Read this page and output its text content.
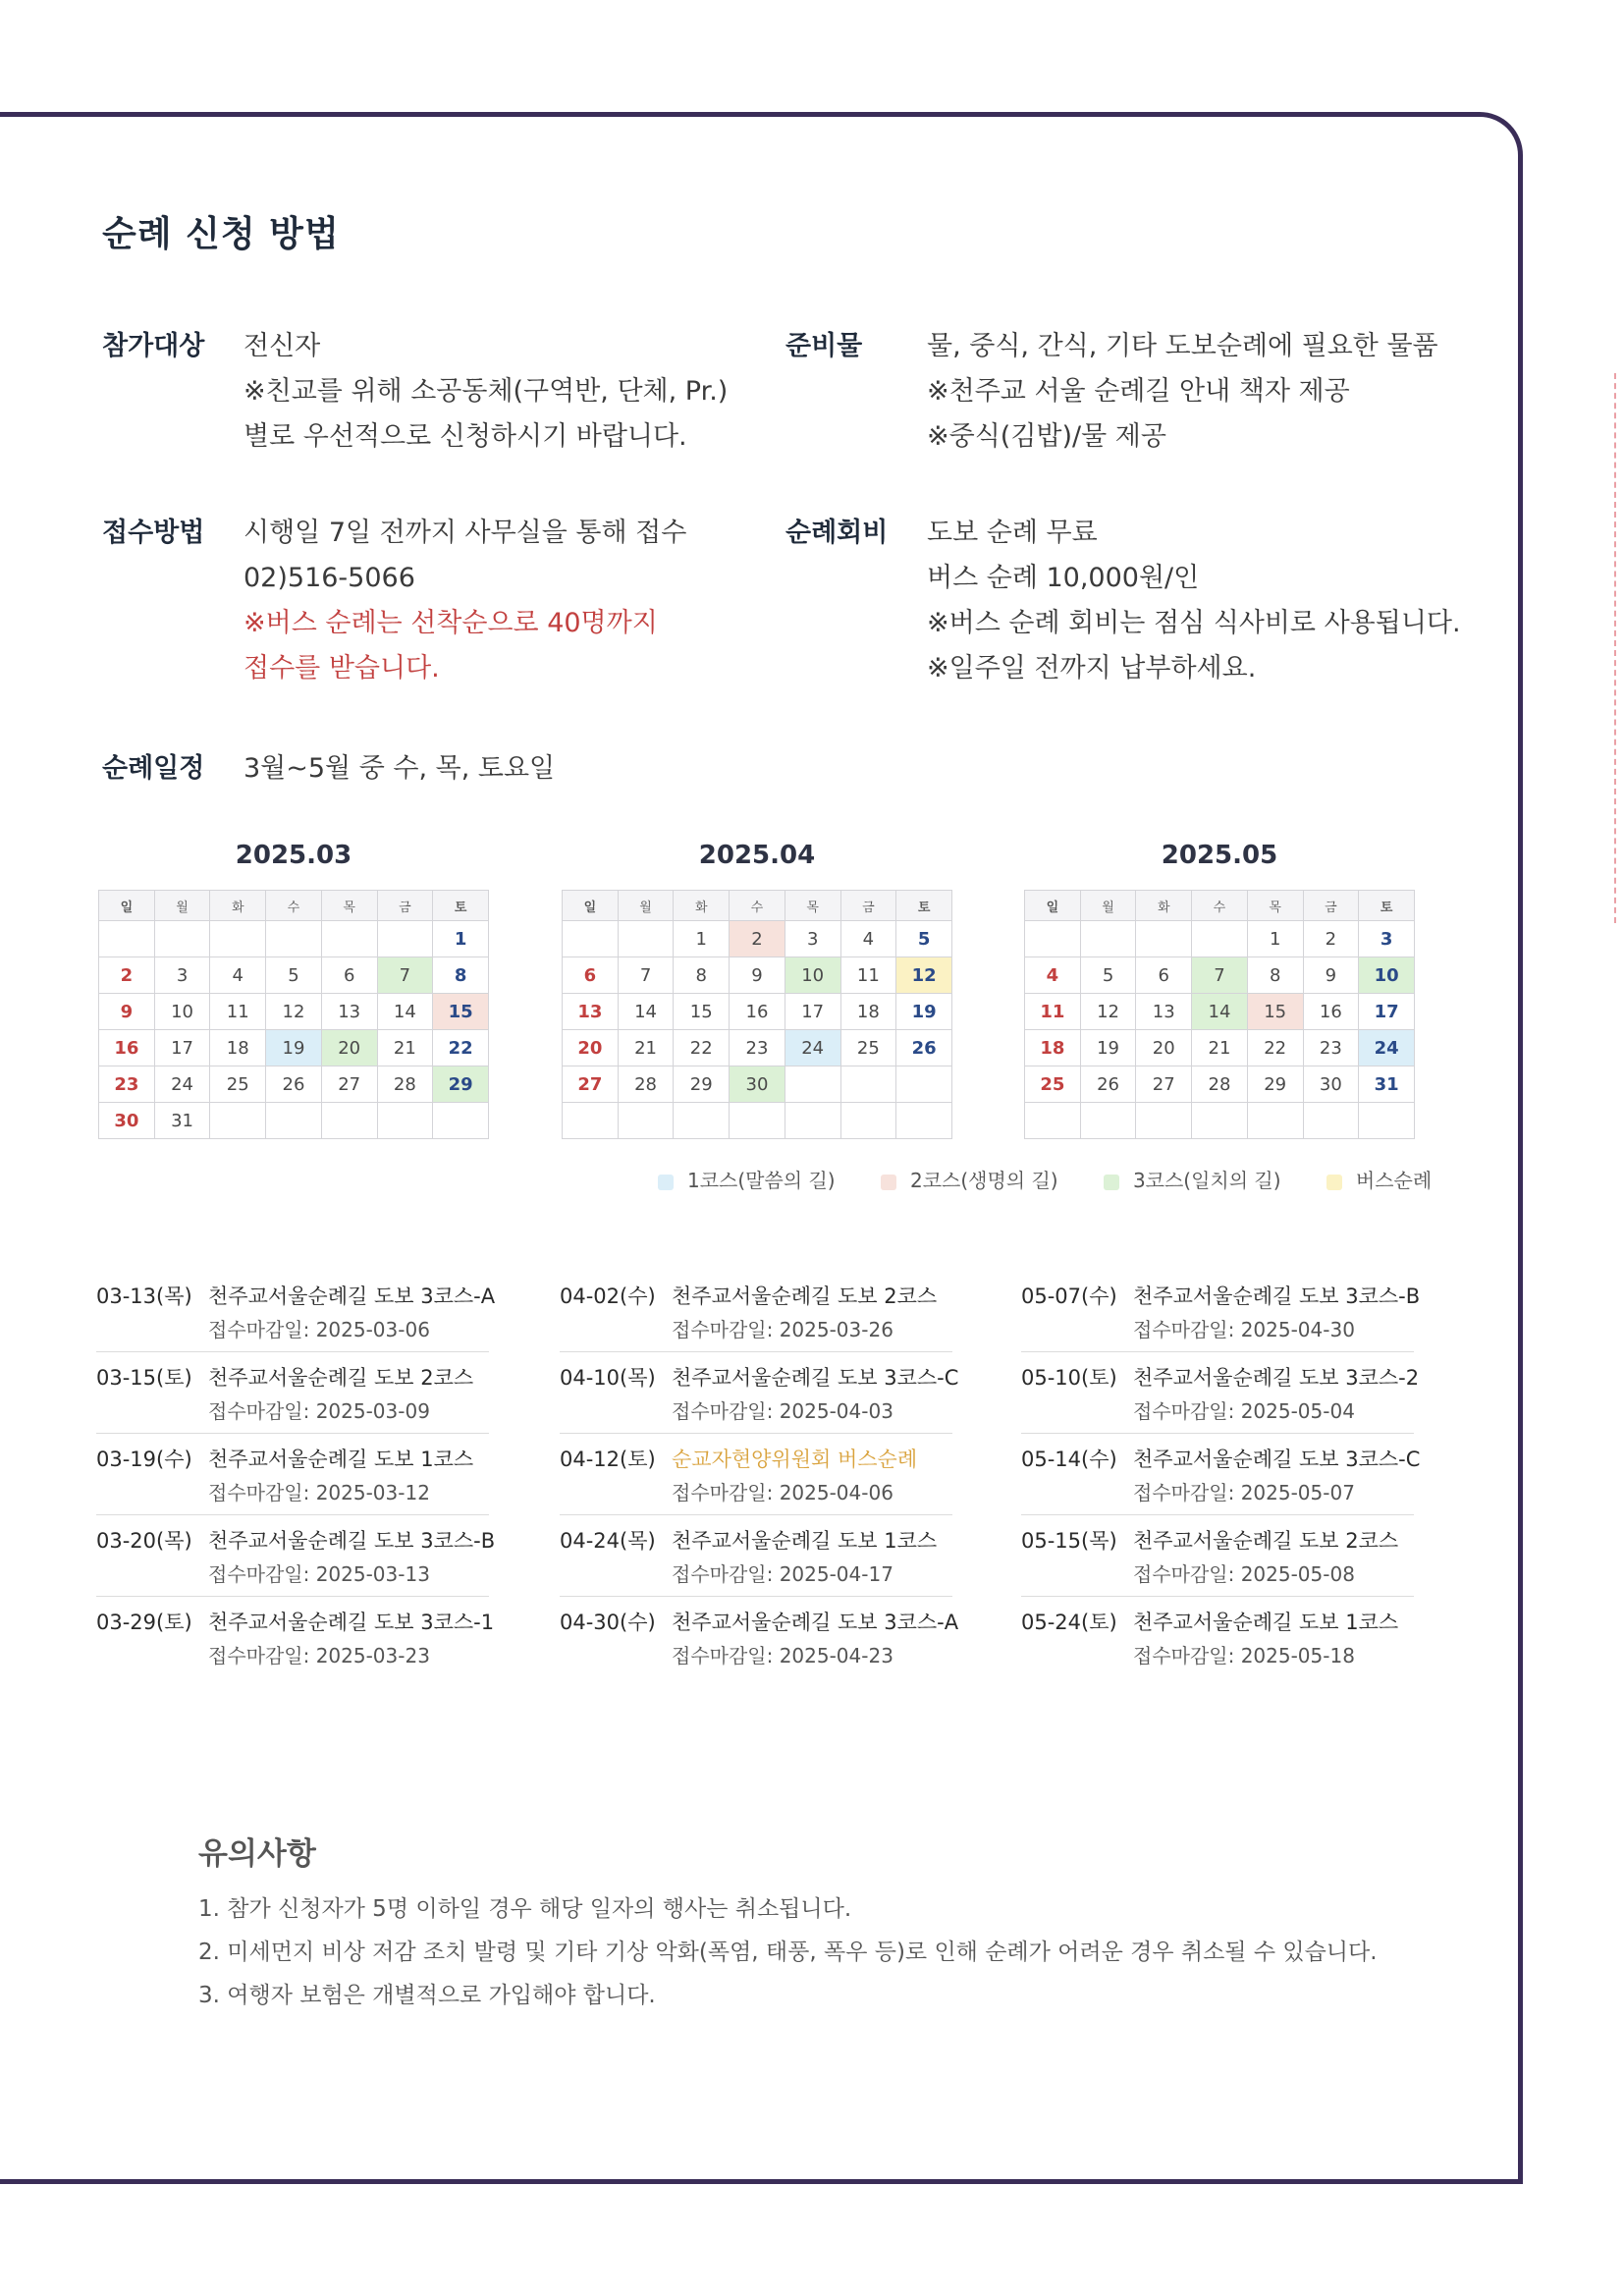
순례 신청 방법
참가대상 전신자
※친교를 위해 소공동체(구역반, 단체, Pr.)
별로 우선적으로 신청하시기 바랍니다.
준비물 물, 중식, 간식, 기타 도보순례에 필요한 물품
※천주교 서울 순례길 안내 책자 제공
※중식(김밥)/물 제공
접수방법 시행일 7일 전까지 사무실을 통해 접수
02)516-5066
※버스 순례는 선착순으로 40명까지
접수를 받습니다.
순례회비 도보 순례 무료
버스 순례 10,000원/인
※버스 순례 회비는 점심 식사비로 사용됩니다.
※일주일 전까지 납부하세요.
순례일정 3월~5월 중 수, 목, 토요일
2025.03
일	월	화	수	목	금	토
						1
2	3	4	5	6	7	8
9	10	11	12	13	14	15
16	17	18	19	20	21	22
23	24	25	26	27	28	29
30	31					
2025.04
일	월	화	수	목	금	토
		1	2	3	4	5
6	7	8	9	10	11	12
13	14	15	16	17	18	19
20	21	22	23	24	25	26
27	28	29	30			

2025.05
일	월	화	수	목	금	토
				1	2	3
4	5	6	7	8	9	10
11	12	13	14	15	16	17
18	19	20	21	22	23	24
25	26	27	28	29	30	31

1코스(말씀의 길)	2코스(생명의 길)	3코스(일치의 길)	버스순례
03-13(목) 천주교서울순례길 도보 3코스-A
접수마감일: 2025-03-06
03-15(토) 천주교서울순례길 도보 2코스
접수마감일: 2025-03-09
03-19(수) 천주교서울순례길 도보 1코스
접수마감일: 2025-03-12
03-20(목) 천주교서울순례길 도보 3코스-B
접수마감일: 2025-03-13
03-29(토) 천주교서울순례길 도보 3코스-1
접수마감일: 2025-03-23
04-02(수) 천주교서울순례길 도보 2코스
접수마감일: 2025-03-26
04-10(목) 천주교서울순례길 도보 3코스-C
접수마감일: 2025-04-03
04-12(토) 순교자현양위원회 버스순례
접수마감일: 2025-04-06
04-24(목) 천주교서울순례길 도보 1코스
접수마감일: 2025-04-17
04-30(수) 천주교서울순례길 도보 3코스-A
접수마감일: 2025-04-23
05-07(수) 천주교서울순례길 도보 3코스-B
접수마감일: 2025-04-30
05-10(토) 천주교서울순례길 도보 3코스-2
접수마감일: 2025-05-04
05-14(수) 천주교서울순례길 도보 3코스-C
접수마감일: 2025-05-07
05-15(목) 천주교서울순례길 도보 2코스
접수마감일: 2025-05-08
05-24(토) 천주교서울순례길 도보 1코스
접수마감일: 2025-05-18
유의사항
1. 참가 신청자가 5명 이하일 경우 해당 일자의 행사는 취소됩니다.
2. 미세먼지 비상 저감 조치 발령 및 기타 기상 악화(폭염, 태풍, 폭우 등)로 인해 순례가 어려운 경우 취소될 수 있습니다.
3. 여행자 보험은 개별적으로 가입해야 합니다.
